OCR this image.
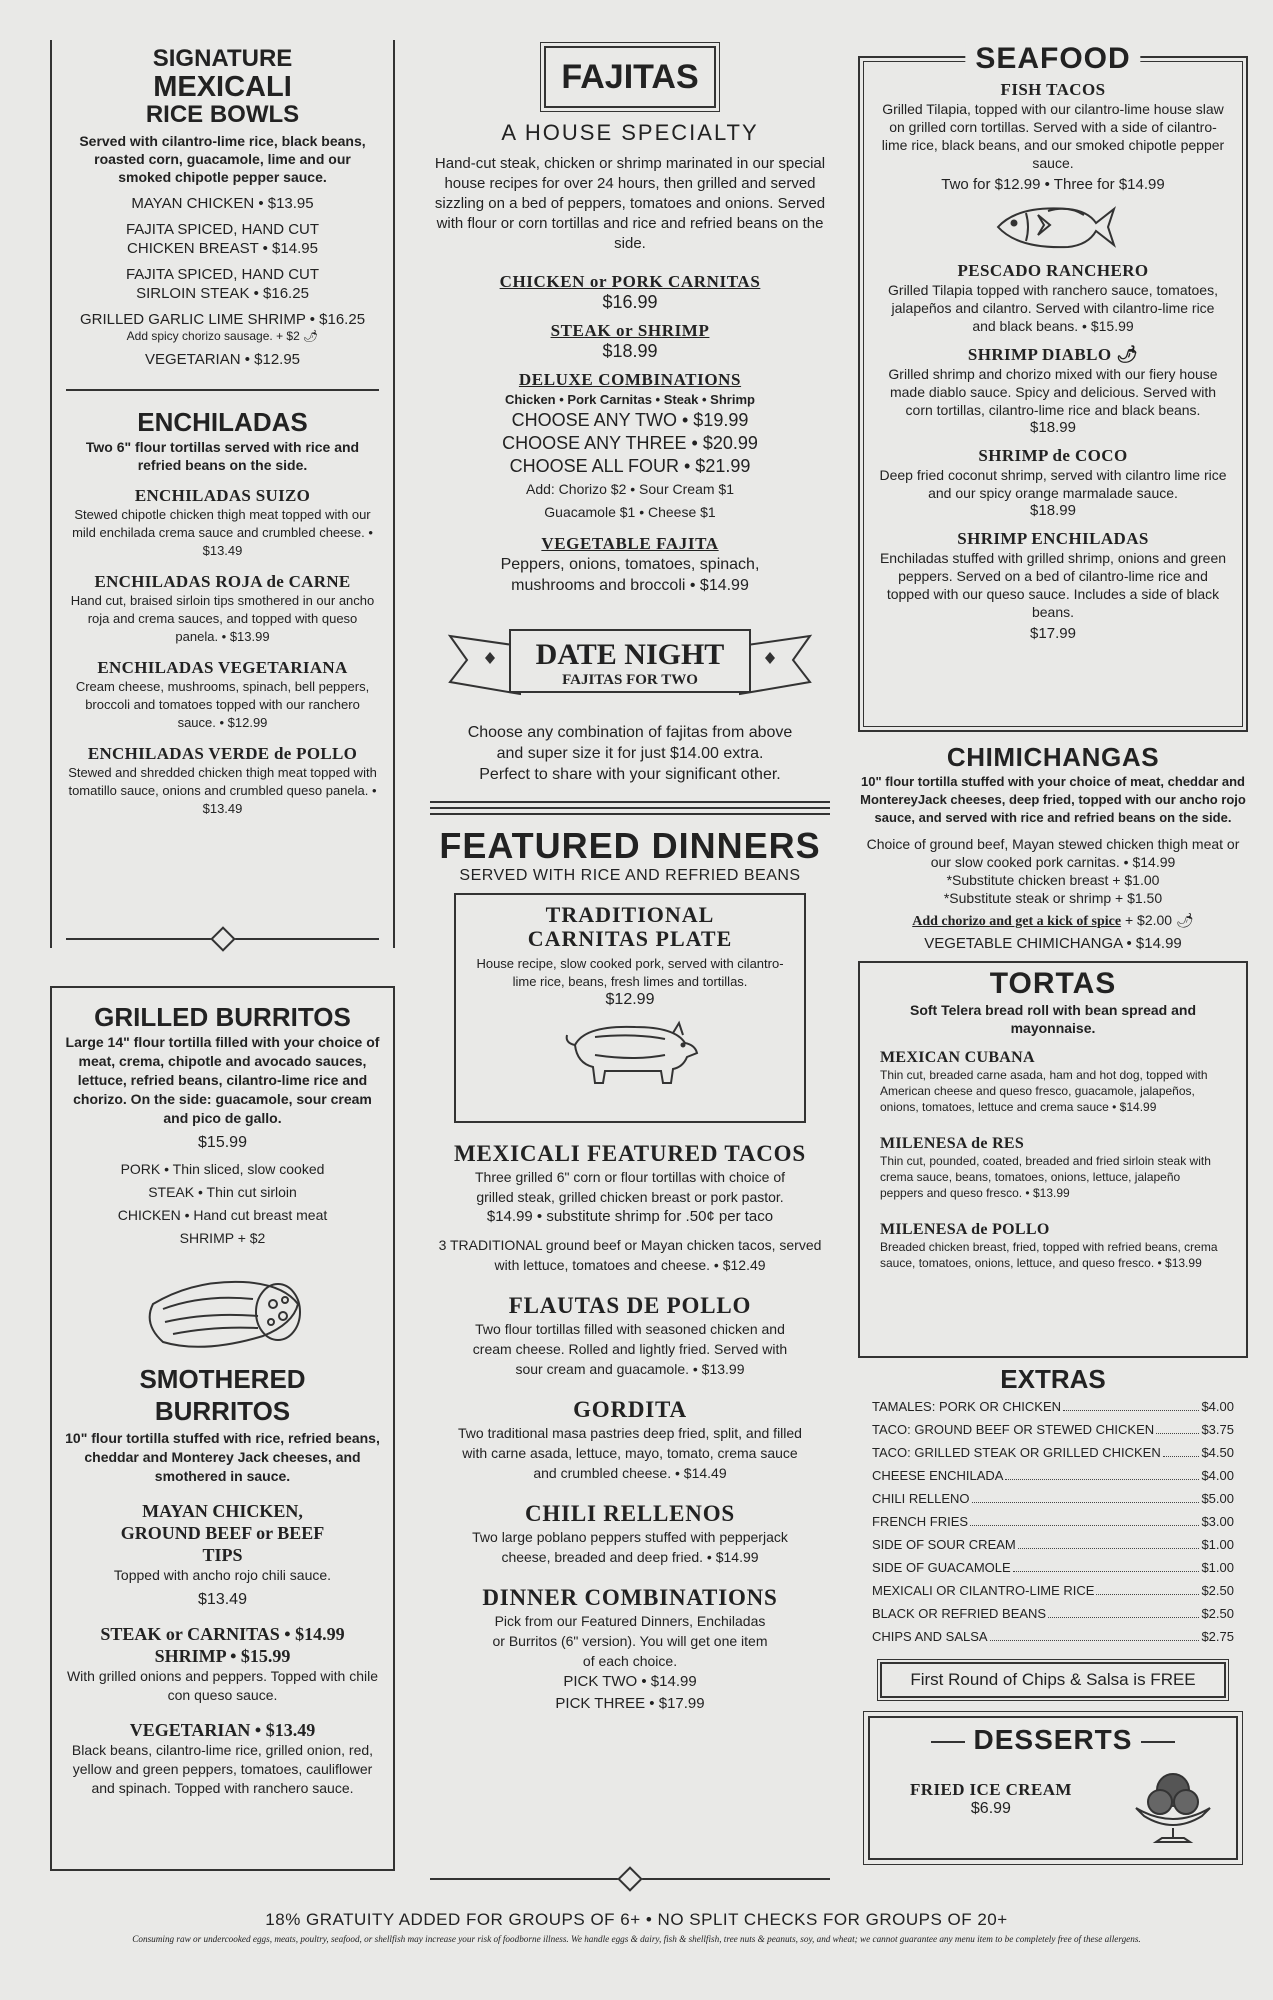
SIGNATURE
MEXICALI
RICE BOWLS
Served with cilantro-lime rice, black beans, roasted corn, guacamole, lime and our smoked chipotle pepper sauce.
MAYAN CHICKEN • $13.95
FAJITA SPICED, HAND CUT CHICKEN BREAST • $14.95
FAJITA SPICED, HAND CUT SIRLOIN STEAK • $16.25
GRILLED GARLIC LIME SHRIMP • $16.25
Add spicy chorizo sausage. + $2 🌶
VEGETARIAN • $12.95
ENCHILADAS
Two 6" flour tortillas served with rice and refried beans on the side.
ENCHILADAS SUIZO
Stewed chipotle chicken thigh meat topped with our mild enchilada crema sauce and crumbled cheese. • $13.49
ENCHILADAS ROJA de CARNE
Hand cut, braised sirloin tips smothered in our ancho roja and crema sauces, and topped with queso panela. • $13.99
ENCHILADAS VEGETARIANA
Cream cheese, mushrooms, spinach, bell peppers, broccoli and tomatoes topped with our ranchero sauce. • $12.99
ENCHILADAS VERDE de POLLO
Stewed and shredded chicken thigh meat topped with tomatillo sauce, onions and crumbled queso panela. • $13.49
GRILLED BURRITOS
Large 14" flour tortilla filled with your choice of meat, crema, chipotle and avocado sauces, lettuce, refried beans, cilantro-lime rice and chorizo. On the side: guacamole, sour cream and pico de gallo.
$15.99
PORK • Thin sliced, slow cooked
STEAK • Thin cut sirloin
CHICKEN • Hand cut breast meat
SHRIMP + $2
SMOTHERED
BURRITOS
10" flour tortilla stuffed with rice, refried beans, cheddar and Monterey Jack cheeses, and smothered in sauce.
MAYAN CHICKEN, GROUND BEEF or BEEF TIPS
Topped with ancho rojo chili sauce.
$13.49
STEAK or CARNITAS • $14.99
SHRIMP • $15.99
With grilled onions and peppers. Topped with chile con queso sauce.
VEGETARIAN • $13.49
Black beans, cilantro-lime rice, grilled onion, red, yellow and green peppers, tomatoes, cauliflower and spinach. Topped with ranchero sauce.
FAJITAS
A HOUSE SPECIALTY
Hand-cut steak, chicken or shrimp marinated in our special house recipes for over 24 hours, then grilled and served sizzling on a bed of peppers, tomatoes and onions. Served with flour or corn tortillas and rice and refried beans on the side.
CHICKEN or PORK CARNITAS
$16.99
STEAK or SHRIMP
$18.99
DELUXE COMBINATIONS
Chicken • Pork Carnitas • Steak • Shrimp
CHOOSE ANY TWO • $19.99
CHOOSE ANY THREE • $20.99
CHOOSE ALL FOUR • $21.99
Add: Chorizo $2 • Sour Cream $1
Guacamole $1 • Cheese $1
VEGETABLE FAJITA
Peppers, onions, tomatoes, spinach, mushrooms and broccoli • $14.99
DATE NIGHT
FAJITAS FOR TWO
Choose any combination of fajitas from above
and super size it for just $14.00 extra.
Perfect to share with your significant other.
FEATURED DINNERS
SERVED WITH RICE AND REFRIED BEANS
TRADITIONAL
CARNITAS PLATE
House recipe, slow cooked pork, served with cilantro-lime rice, beans, fresh limes and tortillas.
$12.99
MEXICALI FEATURED TACOS
Three grilled 6" corn or flour tortillas with choice of grilled steak, grilled chicken breast or pork pastor.
$14.99 • substitute shrimp for .50¢ per taco
3 TRADITIONAL ground beef or Mayan chicken tacos, served with lettuce, tomatoes and cheese. • $12.49
FLAUTAS DE POLLO
Two flour tortillas filled with seasoned chicken and cream cheese. Rolled and lightly fried. Served with sour cream and guacamole. • $13.99
GORDITA
Two traditional masa pastries deep fried, split, and filled with carne asada, lettuce, mayo, tomato, crema sauce and crumbled cheese. • $14.49
CHILI RELLENOS
Two large poblano peppers stuffed with pepperjack cheese, breaded and deep fried. • $14.99
DINNER COMBINATIONS
Pick from our Featured Dinners, Enchiladas or Burritos (6" version). You will get one item of each choice.
PICK TWO • $14.99
PICK THREE • $17.99
SEAFOOD
FISH TACOS
Grilled Tilapia, topped with our cilantro-lime house slaw on grilled corn tortillas. Served with a side of cilantro-lime rice, black beans, and our smoked chipotle pepper sauce.
Two for $12.99 • Three for $14.99
PESCADO RANCHERO
Grilled Tilapia topped with ranchero sauce, tomatoes, jalapeños and cilantro. Served with cilantro-lime rice and black beans. • $15.99
SHRIMP DIABLO 🌶
Grilled shrimp and chorizo mixed with our fiery house made diablo sauce. Spicy and delicious. Served with corn tortillas, cilantro-lime rice and black beans.
$18.99
SHRIMP de COCO
Deep fried coconut shrimp, served with cilantro lime rice and our spicy orange marmalade sauce.
$18.99
SHRIMP ENCHILADAS
Enchiladas stuffed with grilled shrimp, onions and green peppers. Served on a bed of cilantro-lime rice and topped with our queso sauce. Includes a side of black beans.
$17.99
CHIMICHANGAS
10" flour tortilla stuffed with your choice of meat, cheddar and MontereyJack cheeses, deep fried, topped with our ancho rojo sauce, and served with rice and refried beans on the side.
Choice of ground beef, Mayan stewed chicken thigh meat or our slow cooked pork carnitas. • $14.99
*Substitute chicken breast + $1.00
*Substitute steak or shrimp + $1.50
Add chorizo and get a kick of spice + $2.00 🌶
VEGETABLE CHIMICHANGA • $14.99
TORTAS
Soft Telera bread roll with bean spread and mayonnaise.
MEXICAN CUBANA
Thin cut, breaded carne asada, ham and hot dog, topped with American cheese and queso fresco, guacamole, jalapeños, onions, tomatoes, lettuce and crema sauce • $14.99
MILENESA de RES
Thin cut, pounded, coated, breaded and fried sirloin steak with crema sauce, beans, tomatoes, onions, lettuce, jalapeño peppers and queso fresco. • $13.99
MILENESA de POLLO
Breaded chicken breast, fried, topped with refried beans, crema sauce, tomatoes, onions, lettuce, and queso fresco. • $13.99
EXTRAS
TAMALES: PORK OR CHICKEN	$4.00
TACO: GROUND BEEF OR STEWED CHICKEN	$3.75
TACO: GRILLED STEAK OR GRILLED CHICKEN	$4.50
CHEESE ENCHILADA	$4.00
CHILI RELLENO	$5.00
FRENCH FRIES	$3.00
SIDE OF SOUR CREAM	$1.00
SIDE OF GUACAMOLE	$1.00
MEXICALI OR CILANTRO-LIME RICE	$2.50
BLACK OR REFRIED BEANS	$2.50
CHIPS AND SALSA	$2.75
First Round of Chips & Salsa is FREE
DESSERTS
FRIED ICE CREAM
$6.99
18% GRATUITY ADDED FOR GROUPS OF 6+ • NO SPLIT CHECKS FOR GROUPS OF 20+
Consuming raw or undercooked eggs, meats, poultry, seafood, or shellfish may increase your risk of foodborne illness. We handle eggs & dairy, fish & shellfish, tree nuts & peanuts, soy, and wheat; we cannot guarantee any menu item to be completely free of these allergens.
